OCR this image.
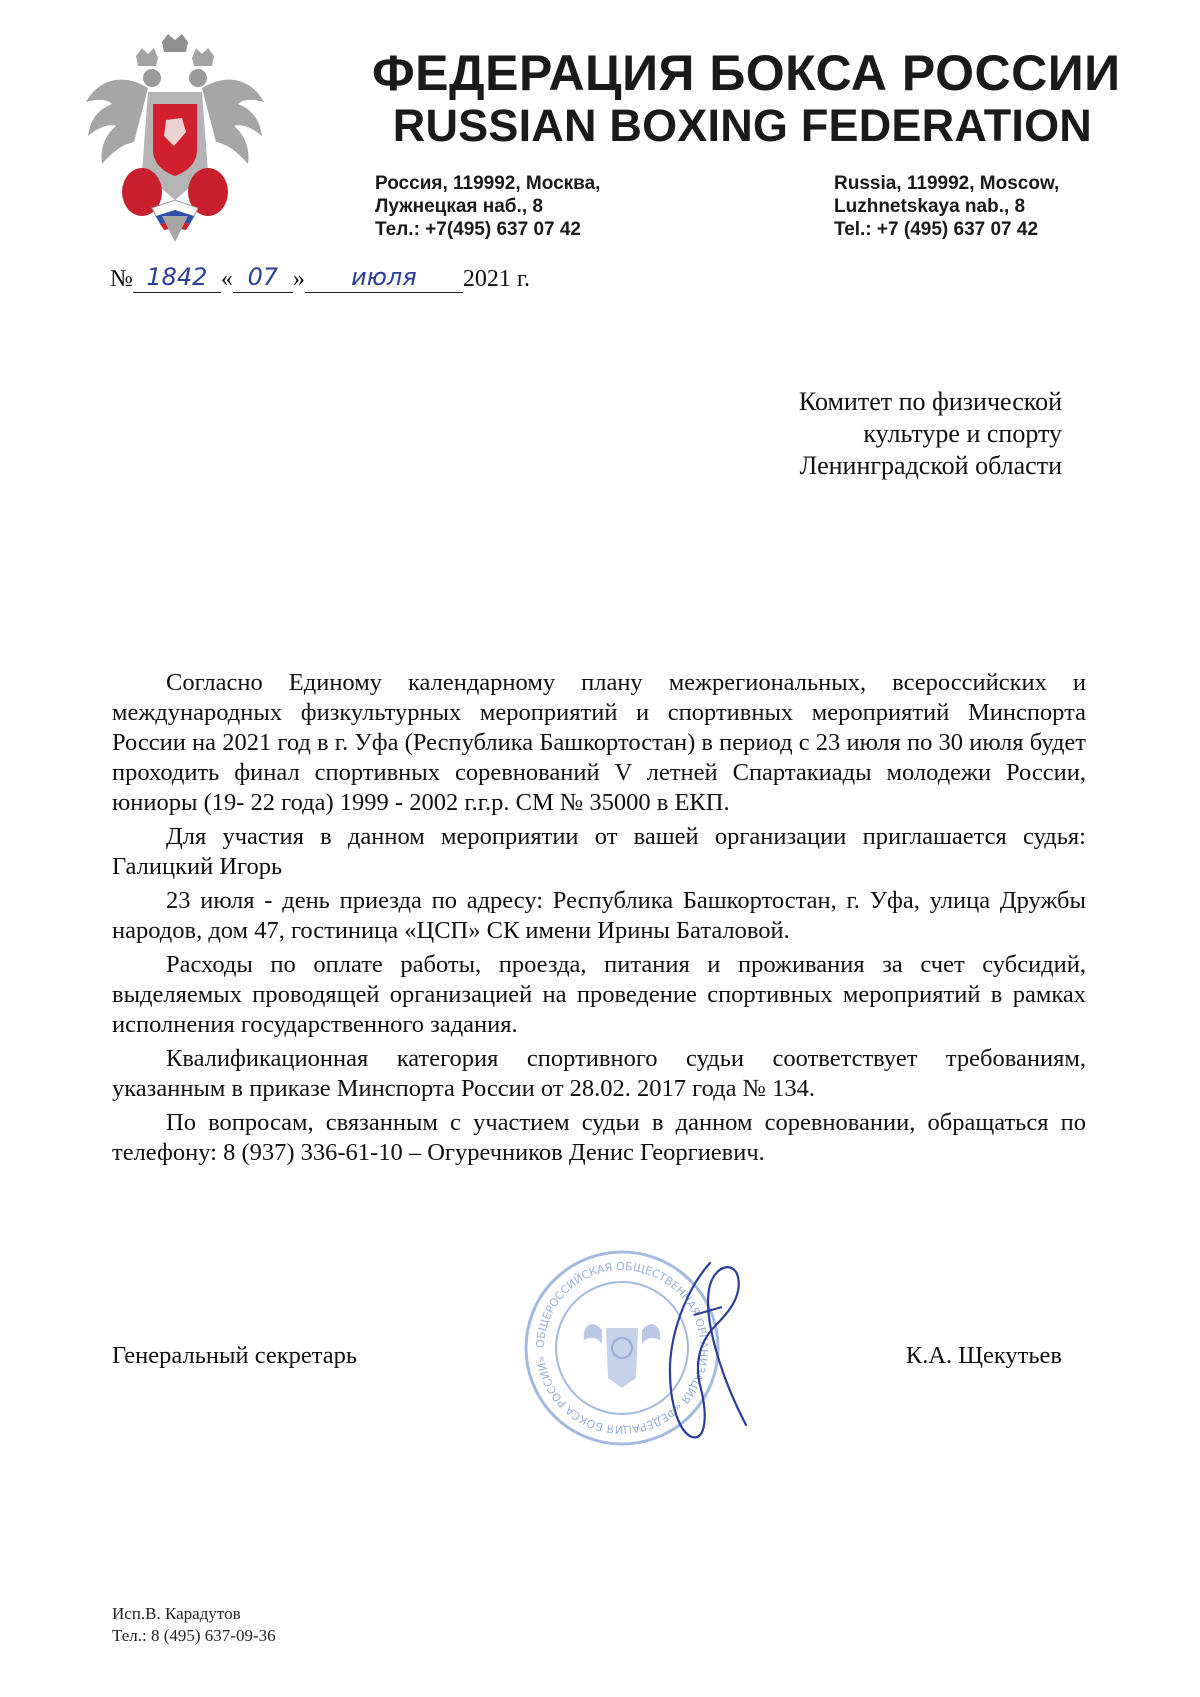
ФЕДЕРАЦИЯ БОКСА РОССИИ
RUSSIAN BOXING FEDERATION
Россия, 119992, Москва,
Лужнецкая наб., 8
Тел.: +7(495) 637 07 42
Russia, 119992, Moscow,
Luzhnetskaya nab., 8
Tel.: +7 (495) 637 07 42
№ 1842 « 07 » июля 2021 г.
Комитет по физической
культуре и спорту
Ленинградской области

Согласно Единому календарному плану межрегиональных, всероссийских и международных физкультурных мероприятий и спортивных мероприятий Минспорта России на 2021 год в г. Уфа (Республика Башкортостан) в период с 23 июля по 30 июля будет проходить финал спортивных соревнований V летней Спартакиады молодежи России, юниоры (19- 22 года) 1999 - 2002 г.г.р. СМ № 35000 в ЕКП.

Для участия в данном мероприятии от вашей организации приглашается судья: Галицкий Игорь

23 июля - день приезда по адресу: Республика Башкортостан, г. Уфа, улица Дружбы народов, дом 47, гостиница «ЦСП» СК имени Ирины Баталовой.

Расходы по оплате работы, проезда, питания и проживания за счет субсидий, выделяемых проводящей организацией на проведение спортивных мероприятий в рамках исполнения государственного задания.

Квалификационная категория спортивного судьи соответствует требованиям, указанным в приказе Минспорта России от 28.02. 2017 года № 134.

По вопросам, связанным с участием судьи в данном соревновании, обращаться по телефону: 8 (937) 336-61-10 – Огуречников Денис Георгиевич.

ОБЩЕРОССИЙСКАЯ ОБЩЕСТВЕННАЯ ОРГАНИЗАЦИЯ «ФЕДЕРАЦИЯ БОКСА РОССИИ»
Генеральный секретарь	К.А. Щекутьев
Исп.В. Карадутов
Тел.: 8 (495) 637-09-36
